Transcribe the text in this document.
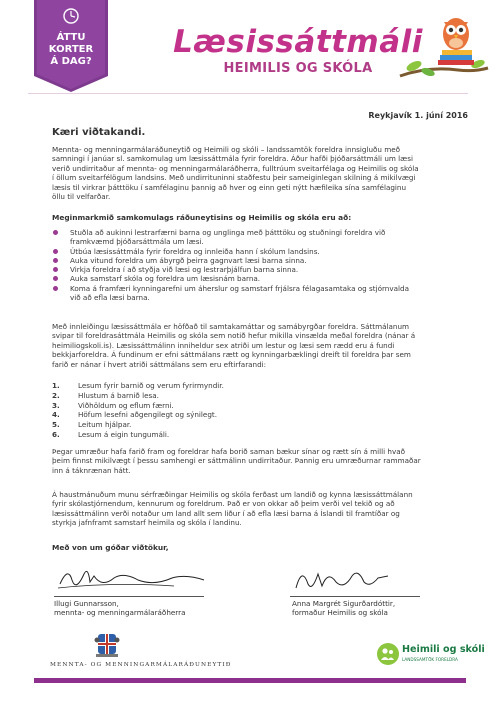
ÁTTU
KORTER
Á DAG?
Læsissáttmáli
HEIMILIS OG SKÓLA
Reykjavík 1. júní 2016
Kæri viðtakandi.
Mennta- og menningarmálaráðuneytið og Heimili og skóli – landssamtök foreldra innsigluðu með
samningi í janúar sl. samkomulag um læsissáttmála fyrir foreldra. Áður hafði þjóðarsáttmáli um læsi
verið undirritaður af mennta- og menningarmálaráðherra, fulltrúum sveitarfélaga og Heimilis og skóla
í öllum sveitarfélögum landsins. Með undirrituninni staðfestu þeir sameiginlegan skilning á mikilvægi
læsis til virkrar þátttöku í samfélaginu þannig að hver og einn geti nýtt hæfileika sína samfélaginu
öllu til velfarðar.
Meginmarkmið samkomulags ráðuneytisins og Heimilis og skóla eru að:
Stuðla að aukinni lestrarfærni barna og unglinga með þátttöku og stuðningi foreldra við
framkvæmd þjóðarsáttmála um læsi.
Útbúa læsissáttmála fyrir foreldra og innleiða hann í skólum landsins.
Auka vitund foreldra um ábyrgð þeirra gagnvart læsi barna sinna.
Virkja foreldra í að styðja við læsi og lestrarþjálfun barna sinna.
Auka samstarf skóla og foreldra um læsisnám barna.
Koma á framfæri kynningarefni um áherslur og samstarf frjálsra félagasamtaka og stjórnvalda
við að efla læsi barna.
Með innleiðingu læsissáttmála er höfðað til samtakamáttar og samábyrgðar foreldra. Sáttmálanum
svipar til foreldrasáttmála Heimilis og skóla sem notið hefur mikilla vinsælda meðal foreldra (nánar á
heimiliogskoli.is). Læsissáttmálinn inniheldur sex atriði um lestur og læsi sem rædd eru á fundi
bekkjarforeldra. Á fundinum er efni sáttmálans rætt og kynningarbæklingi dreift til foreldra þar sem
farið er nánar í hvert atriði sáttmálans sem eru eftirfarandi:
1.	Lesum fyrir barnið og verum fyrirmyndir.
2.	Hlustum á barnið lesa.
3.	Viðhöldum og eflum færni.
4.	Höfum lesefni aðgengilegt og sýnilegt.
5.	Leitum hjálpar.
6.	Lesum á eigin tungumáli.
Þegar umræður hafa farið fram og foreldrar hafa borið saman bækur sínar og rætt sín á milli hvað
þeim finnst mikilvægt í þessu samhengi er sáttmálinn undirritaður. Þannig eru umræðurnar rammaðar
inn á táknrænan hátt.
Á haustmánuðum munu sérfræðingar Heimilis og skóla ferðast um landið og kynna læsissáttmálann
fyrir skólastjórnendum, kennurum og foreldrum. Það er von okkar að þeim verði vel tekið og að
læsissáttmálinn verði notaður um land allt sem liður í að efla læsi barna á Íslandi til framtíðar og
styrkja jafnframt samstarf heimila og skóla í landinu.
Með von um góðar viðtökur,
Illugi Gunnarsson,
mennta- og menningarmálaráðherra
Anna Margrét Sigurðardóttir,
formaður Heimilis og skóla
MENNTA- OG MENNINGARMÁLARÁÐUNEYTIÐ
Heimili og skóli
LANDSSAMTÖK FORELDRA
